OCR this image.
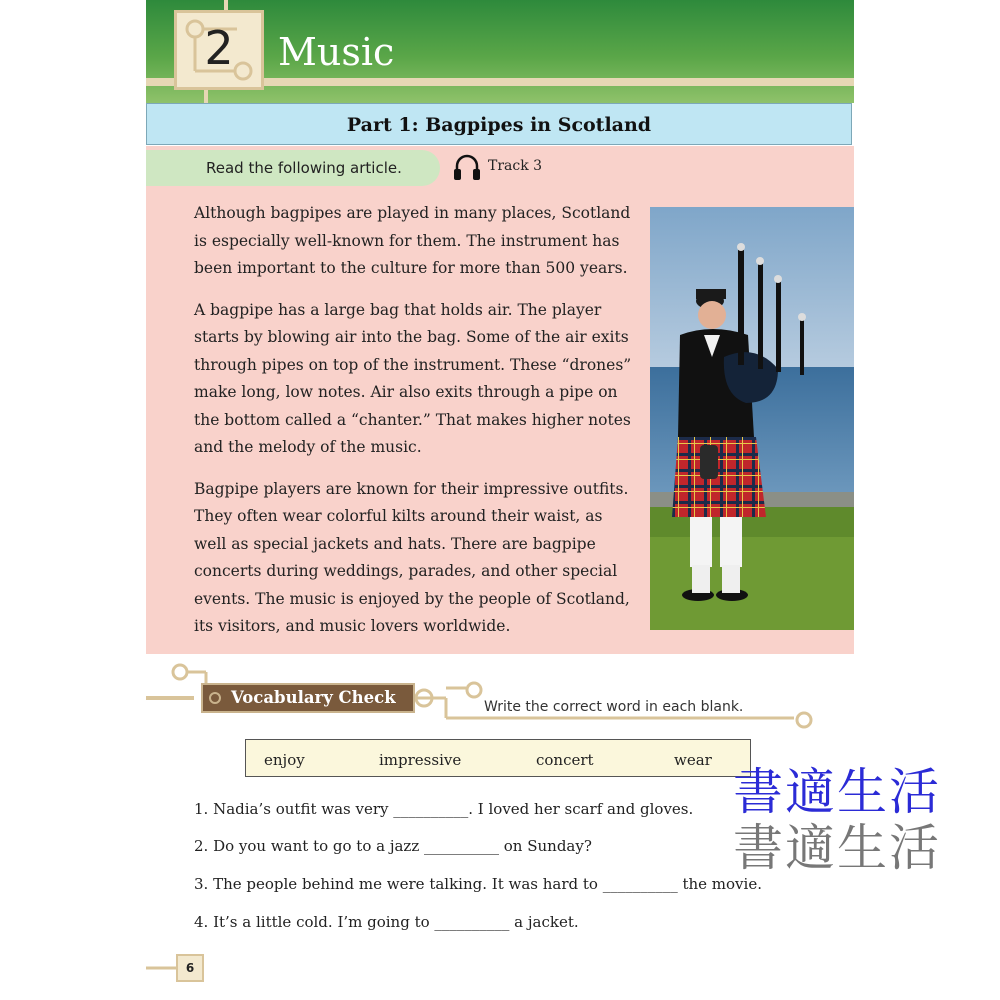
2	Music
Part 1: Bagpipes in Scotland
Read the following article.	Track 3

Although bagpipes are played in many places, Scotland is especially well-known for them. The instrument has been important to the culture for more than 500 years.

A bagpipe has a large bag that holds air. The player starts by blowing air into the bag. Some of the air exits through pipes on top of the instrument. These “drones” make long, low notes. Air also exits through a pipe on the bottom called a “chanter.” That makes higher notes and the melody of the music.

Bagpipe players are known for their impressive outfits. They often wear colorful kilts around their waist, as well as special jackets and hats. There are bagpipe concerts during weddings, parades, and other special events. The music is enjoyed by the people of Scotland, its visitors, and music lovers worldwide.

Vocabulary Check	Write the correct word in each blank.
enjoy	impressive	concert	wear
1. Nadia’s outfit was very __________. I loved her scarf and gloves.
2. Do you want to go to a jazz __________ on Sunday?
3. The people behind me were talking. It was hard to __________ the movie.
4. It’s a little cold. I’m going to __________ a jacket.
6
書適生活
書適生活
